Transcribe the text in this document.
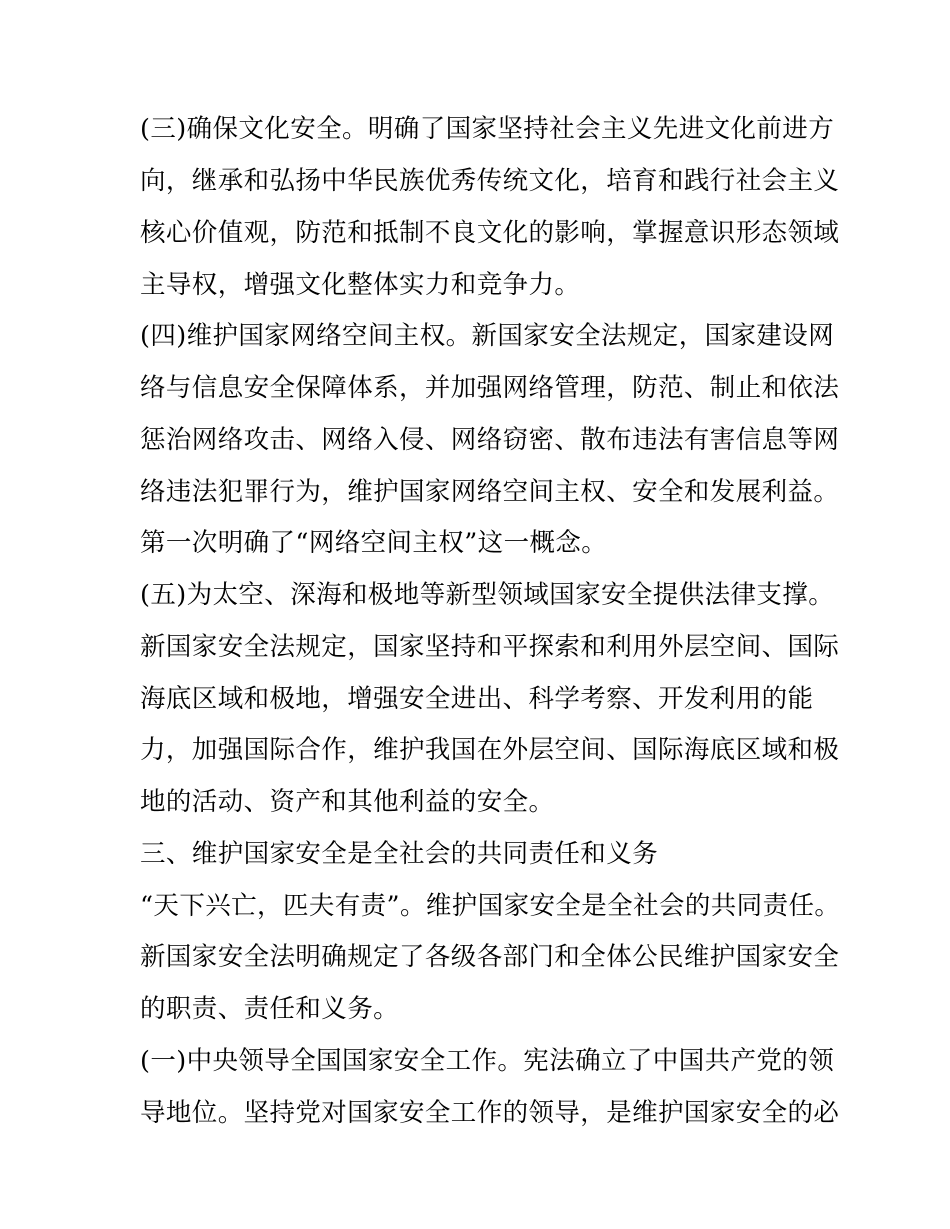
(三)确保文化安全。明确了国家坚持社会主义先进文化前进方
向，继承和弘扬中华民族优秀传统文化，培育和践行社会主义
核心价值观，防范和抵制不良文化的影响，掌握意识形态领域
主导权，增强文化整体实力和竞争力。
(四)维护国家网络空间主权。新国家安全法规定，国家建设网
络与信息安全保障体系，并加强网络管理，防范、制止和依法
惩治网络攻击、网络入侵、网络窃密、散布违法有害信息等网
络违法犯罪行为，维护国家网络空间主权、安全和发展利益。
第一次明确了“网络空间主权”这一概念。
(五)为太空、深海和极地等新型领域国家安全提供法律支撑。
新国家安全法规定，国家坚持和平探索和利用外层空间、国际
海底区域和极地，增强安全进出、科学考察、开发利用的能
力，加强国际合作，维护我国在外层空间、国际海底区域和极
地的活动、资产和其他利益的安全。
三、维护国家安全是全社会的共同责任和义务
“天下兴亡，匹夫有责”。维护国家安全是全社会的共同责任。
新国家安全法明确规定了各级各部门和全体公民维护国家安全
的职责、责任和义务。
(一)中央领导全国国家安全工作。宪法确立了中国共产党的领
导地位。坚持党对国家安全工作的领导，是维护国家安全的必
